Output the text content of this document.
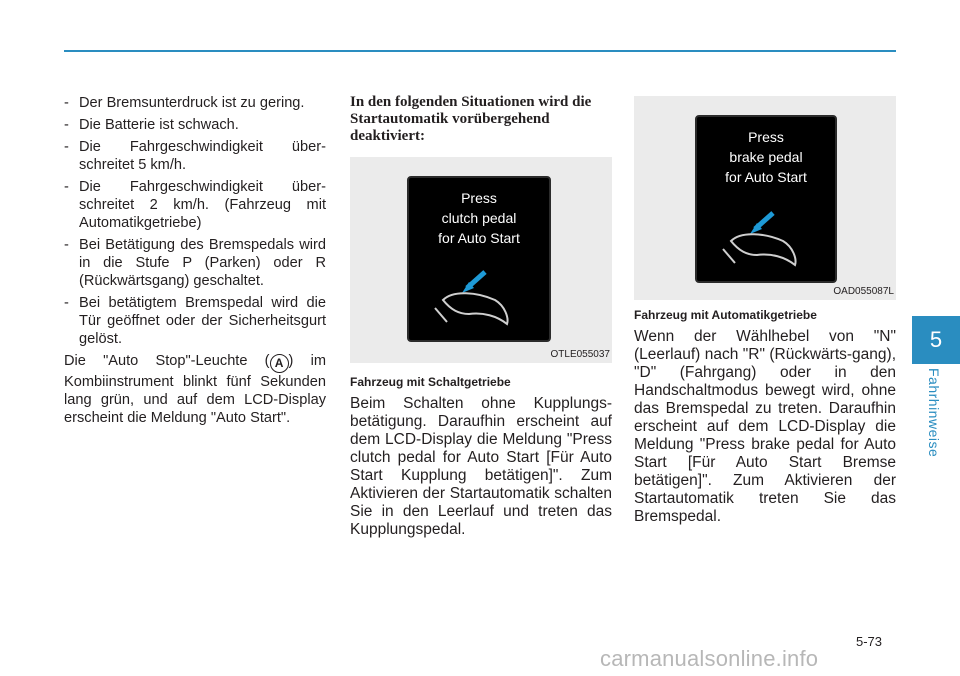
- Der Bremsunterdruck ist zu gering.
- Die Batterie ist schwach.
- Die Fahrgeschwindigkeit über-schreitet 5 km/h.
- Die Fahrgeschwindigkeit über-schreitet 2 km/h. (Fahrzeug mit Automatikgetriebe)
- Bei Betätigung des Bremspedals wird in die Stufe P (Parken) oder R (Rückwärtsgang) geschaltet.
- Bei betätigtem Bremspedal wird die Tür geöffnet oder der Sicherheitsgurt gelöst.

Die "Auto Stop"-Leuchte ( A ) im Kombiinstrument blinkt fünf Sekunden lang grün, und auf dem LCD-Display erscheint die Meldung "Auto Start".

In den folgenden Situationen wird die Startautomatik vorübergehend deaktiviert:

Press
clutch pedal
for Auto Start
OTLE055037
Fahrzeug mit Schaltgetriebe

Beim Schalten ohne Kupplungs-betätigung. Daraufhin erscheint auf dem LCD-Display die Meldung "Press clutch pedal for Auto Start [Für Auto Start Kupplung betätigen]". Zum Aktivieren der Startautomatik schalten Sie in den Leerlauf und treten das Kupplungspedal.

Press
brake pedal
for Auto Start
OAD055087L
Fahrzeug mit Automatikgetriebe

Wenn der Wählhebel von "N" (Leerlauf) nach "R" (Rückwärts-gang), "D" (Fahrgang) oder in den Handschaltmodus bewegt wird, ohne das Bremspedal zu treten. Daraufhin erscheint auf dem LCD-Display die Meldung "Press brake pedal for Auto Start [Für Auto Start Bremse betätigen]". Zum Aktivieren der Startautomatik treten Sie das Bremspedal.

5
Fahrhinweise
5-73
carmanualsonline.info
